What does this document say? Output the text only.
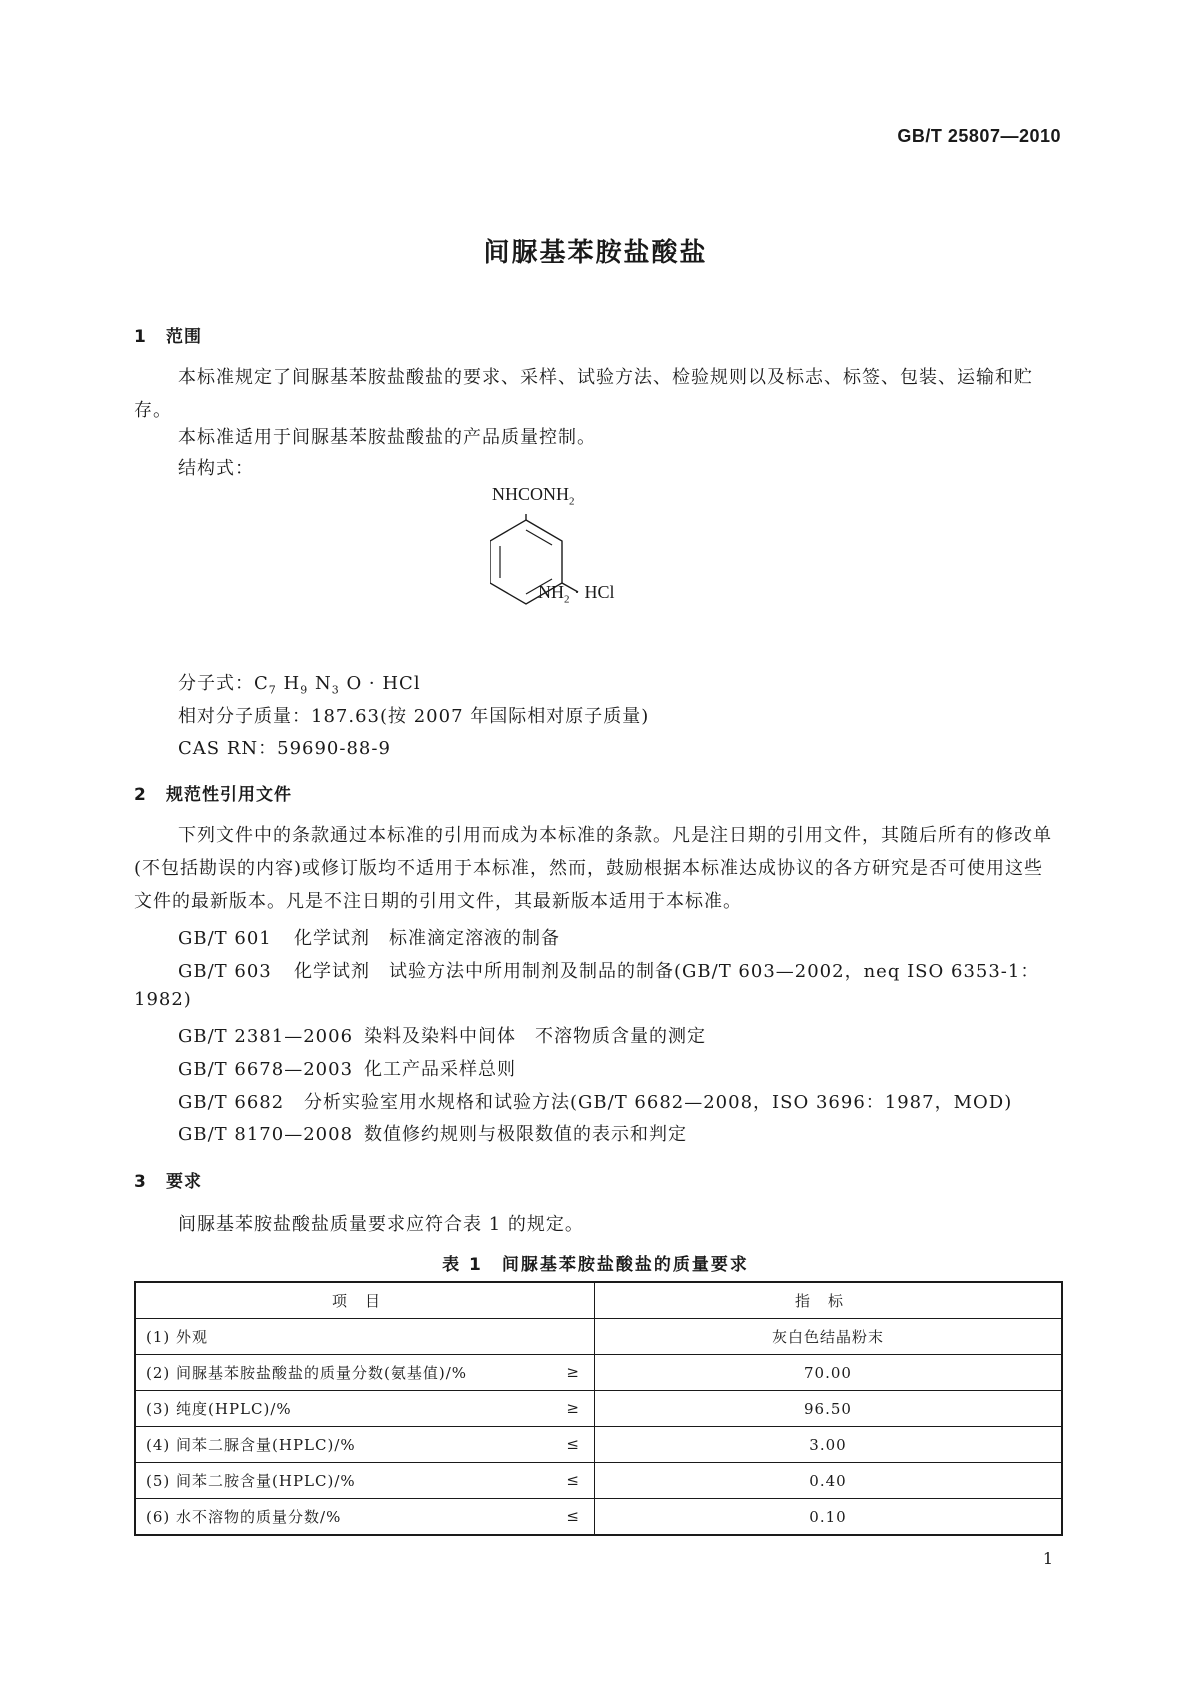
GB/T 25807—2010
间脲基苯胺盐酸盐
1 范围
本标准规定了间脲基苯胺盐酸盐的要求、采样、试验方法、检验规则以及标志、标签、包装、运输和贮存。
本标准适用于间脲基苯胺盐酸盐的产品质量控制。
结构式：
$NHCONH_2$
$NH_2$ · HCl
分子式：$C_7$ $H_9$ $N_3$ O · HCl
相对分子质量：187.63(按 2007 年国际相对原子质量)
CAS RN：59690-88-9
2 规范性引用文件
下列文件中的条款通过本标准的引用而成为本标准的条款。凡是注日期的引用文件，其随后所有的修改单(不包括勘误的内容)或修订版均不适用于本标准，然而，鼓励根据本标准达成协议的各方研究是否可使用这些文件的最新版本。凡是不注日期的引用文件，其最新版本适用于本标准。
GB/T 601 化学试剂　标准滴定溶液的制备
GB/T 603 化学试剂　试验方法中所用制剂及制品的制备(GB/T 603—2002，neq ISO 6353-1：
1982)
GB/T 2381—2006 染料及染料中间体　不溶物质含量的测定
GB/T 6678—2003 化工产品采样总则
GB/T 6682 分析实验室用水规格和试验方法(GB/T 6682—2008，ISO 3696：1987，MOD)
GB/T 8170—2008 数值修约规则与极限数值的表示和判定
3 要求
间脲基苯胺盐酸盐质量要求应符合表 1 的规定。
表 1　间脲基苯胺盐酸盐的质量要求
项目	指标
(1) 外观	灰白色结晶粉末
(2) 间脲基苯胺盐酸盐的质量分数(氨基值)/% ≥	70.00
(3) 纯度(HPLC)/% ≥	96.50
(4) 间苯二脲含量(HPLC)/% ≤	3.00
(5) 间苯二胺含量(HPLC)/% ≤	0.40
(6) 水不溶物的质量分数/% ≤	0.10
1
